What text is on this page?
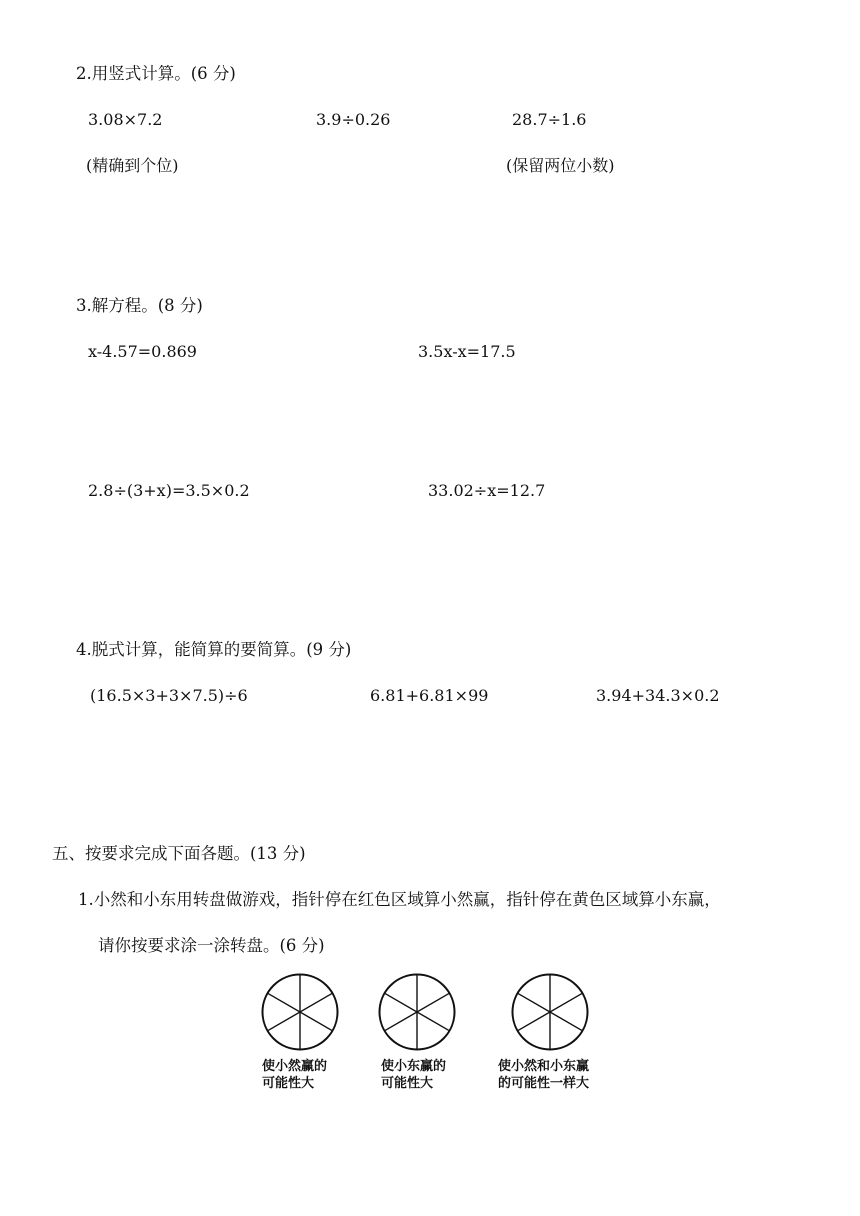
2.用竖式计算。(6 分)
3.08×7.2	3.9÷0.26	28.7÷1.6
(精确到个位)	(保留两位小数)
3.解方程。(8 分)
x-4.57=0.869	3.5x-x=17.5
2.8÷(3+x)=3.5×0.2	33.02÷x=12.7
4.脱式计算，能简算的要简算。(9 分)
(16.5×3+3×7.5)÷6	6.81+6.81×99	3.94+34.3×0.2
五、按要求完成下面各题。(13 分)
1.小然和小东用转盘做游戏，指针停在红色区域算小然赢，指针停在黄色区域算小东赢，
请你按要求涂一涂转盘。(6 分)
使小然赢的
可能性大
使小东赢的
可能性大
使小然和小东赢
的可能性一样大
